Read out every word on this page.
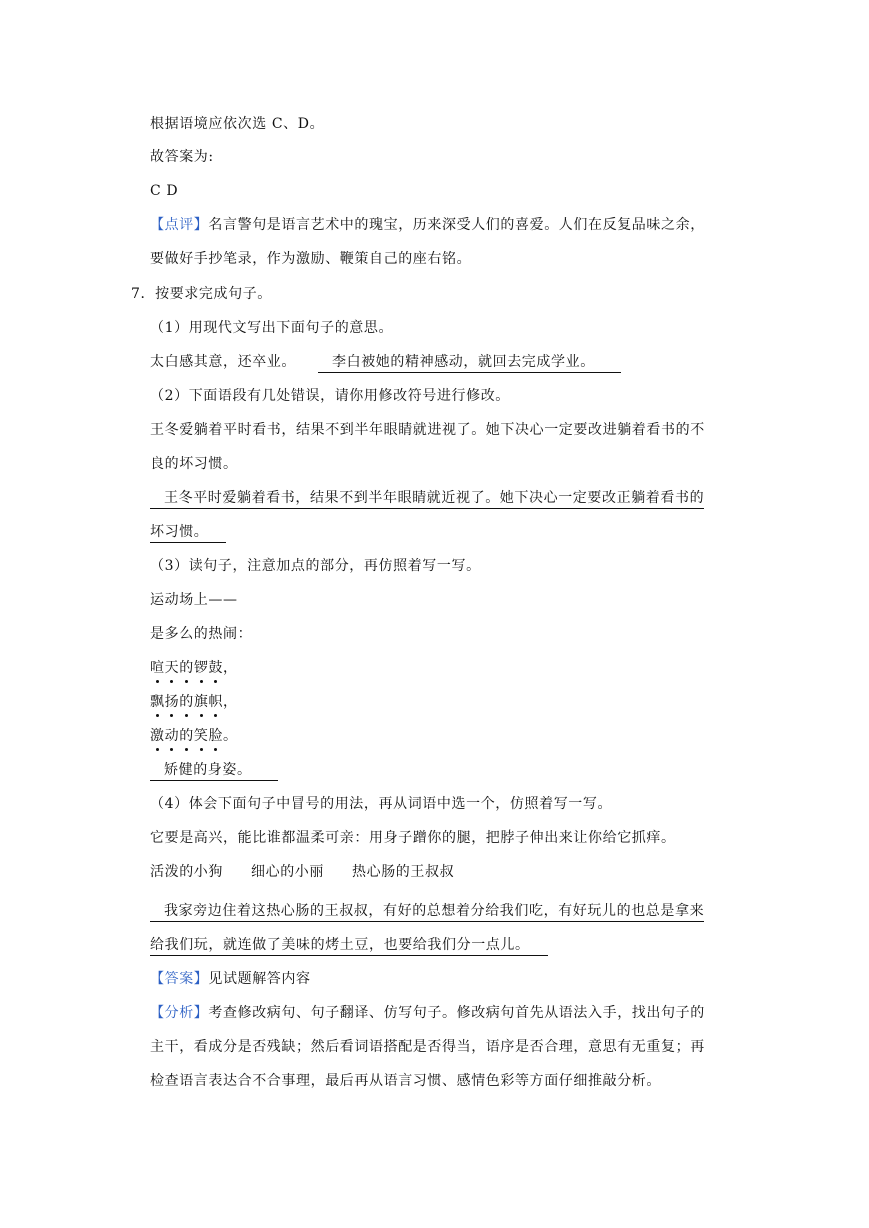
根据语境应依次选 C、D。
故答案为:
C D
【点评】名言警句是语言艺术中的瑰宝，历来深受人们的喜爱。人们在反复品味之余，
要做好手抄笔录，作为激励、鞭策自己的座右铭。
7．按要求完成句子。
（1）用现代文写出下面句子的意思。
太白感其意，还卒业。	李白被她的精神感动，就回去完成学业。
（2）下面语段有几处错误，请你用修改符号进行修改。
王冬爱躺着平时看书，结果不到半年眼睛就进视了。她下决心一定要改进躺着看书的不
良的坏习惯。
王冬平时爱躺着看书，结果不到半年眼睛就近视了。她下决心一定要改正躺着看书的
坏习惯。
（3）读句子，注意加点的部分，再仿照着写一写。
运动场上——
是多么的热闹：
喧天的锣鼓，
飘扬的旗帜，
激动的笑脸。
矫健的身姿。
（4）体会下面句子中冒号的用法，再从词语中选一个，仿照着写一写。
它要是高兴，能比谁都温柔可亲：用身子蹭你的腿，把脖子伸出来让你给它抓痒。
活泼的小狗 细心的小丽 热心肠的王叔叔
我家旁边住着这热心肠的王叔叔，有好的总想着分给我们吃，有好玩儿的也总是拿来
给我们玩，就连做了美味的烤土豆，也要给我们分一点儿。
【答案】见试题解答内容
【分析】考查修改病句、句子翻译、仿写句子。修改病句首先从语法入手，找出句子的
主干，看成分是否残缺；然后看词语搭配是否得当，语序是否合理，意思有无重复；再
检查语言表达合不合事理，最后再从语言习惯、感情色彩等方面仔细推敲分析。
